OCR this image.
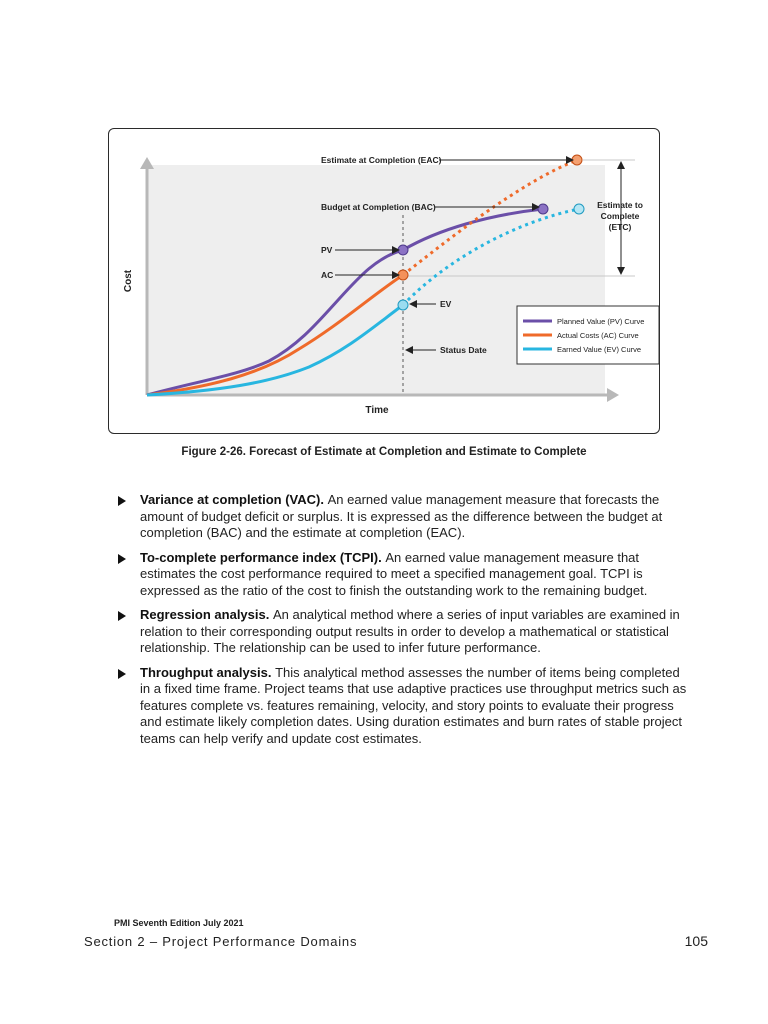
Estimate at Completion (EAC)
Budget at Completion (BAC)
PV
AC
EV
Status Date
Estimate to
Complete
(ETC)
Time
Cost
Planned Value (PV) Curve
Actual Costs (AC) Curve
Earned Value (EV) Curve
Figure 2-26. Forecast of Estimate at Completion and Estimate to Complete
Variance at completion (VAC). An earned value management measure that forecasts the amount of budget deficit or surplus. It is expressed as the difference between the budget at completion (BAC) and the estimate at completion (EAC).
To-complete performance index (TCPI). An earned value management measure that estimates the cost performance required to meet a specified management goal. TCPI is expressed as the ratio of the cost to finish the outstanding work to the remaining budget.
Regression analysis. An analytical method where a series of input variables are examined in relation to their corresponding output results in order to develop a mathematical or statistical relationship. The relationship can be used to infer future performance.
Throughput analysis. This analytical method assesses the number of items being completed in a fixed time frame. Project teams that use adaptive practices use throughput metrics such as features complete vs. features remaining, velocity, and story points to evaluate their progress and estimate likely completion dates. Using duration estimates and burn rates of stable project teams can help verify and update cost estimates.
PMI Seventh Edition July 2021
Section 2 – Project Performance Domains	105
